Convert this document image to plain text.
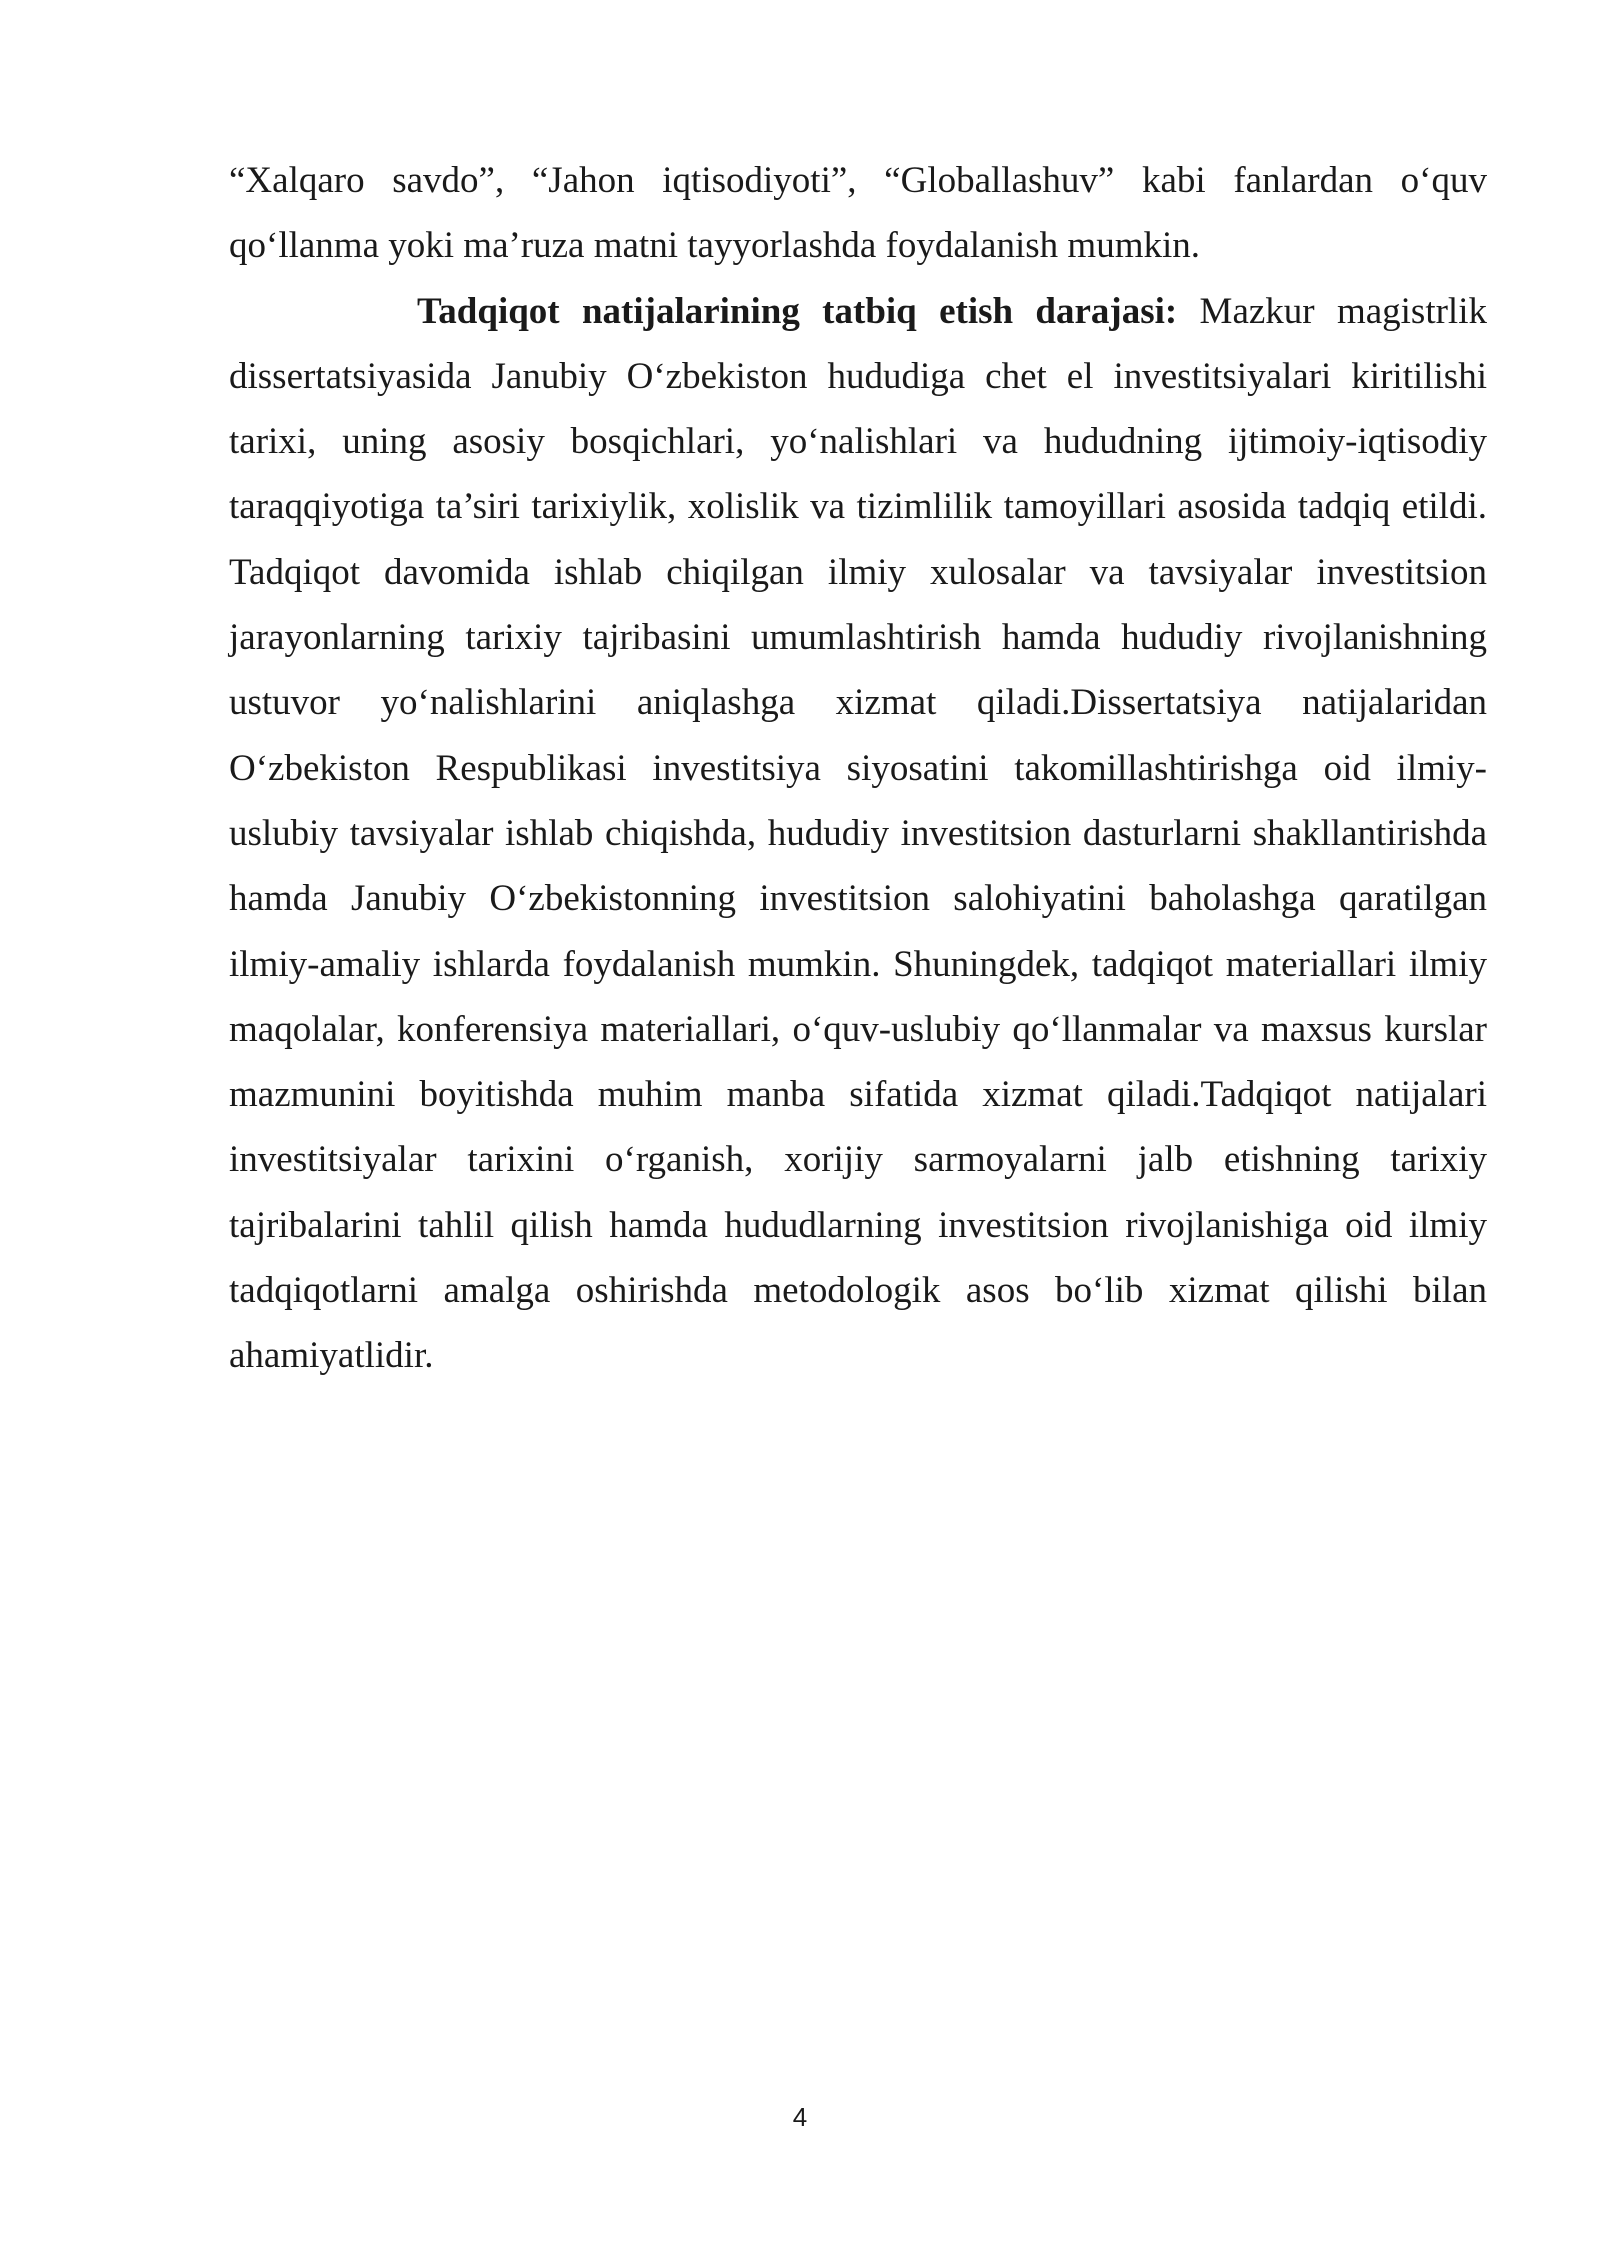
“Xalqaro savdo”, “Jahon iqtisodiyoti”, “Globallashuv” kabi fanlardan o‘quv qo‘llanma yoki ma’ruza matni tayyorlashda foydalanish mumkin.

Tadqiqot natijalarining tatbiq etish darajasi: Mazkur magistrlik dissertatsiyasida Janubiy O‘zbekiston hududiga chet el investitsiyalari kiritilishi tarixi, uning asosiy bosqichlari, yo‘nalishlari va hududning ijtimoiy-iqtisodiy taraqqiyotiga ta’siri tarixiylik, xolislik va tizimlilik tamoyillari asosida tadqiq etildi. Tadqiqot davomida ishlab chiqilgan ilmiy xulosalar va tavsiyalar investitsion jarayonlarning tarixiy tajribasini umumlashtirish hamda hududiy rivojlanishning ustuvor yo‘nalishlarini aniqlashga xizmat qiladi.Dissertatsiya natijalaridan O‘zbekiston Respublikasi investitsiya siyosatini takomillashtirishga oid ilmiy-uslubiy tavsiyalar ishlab chiqishda, hududiy investitsion dasturlarni shakllantirishda hamda Janubiy O‘zbekistonning investitsion salohiyatini baholashga qaratilgan ilmiy-amaliy ishlarda foydalanish mumkin. Shuningdek, tadqiqot materiallari ilmiy maqolalar, konferensiya materiallari, o‘quv-uslubiy qo‘llanmalar va maxsus kurslar mazmunini boyitishda muhim manba sifatida xizmat qiladi.Tadqiqot natijalari investitsiyalar tarixini o‘rganish, xorijiy sarmoyalarni jalb etishning tarixiy tajribalarini tahlil qilish hamda hududlarning investitsion rivojlanishiga oid ilmiy tadqiqotlarni amalga oshirishda metodologik asos bo‘lib xizmat qilishi bilan ahamiyatlidir.

4
